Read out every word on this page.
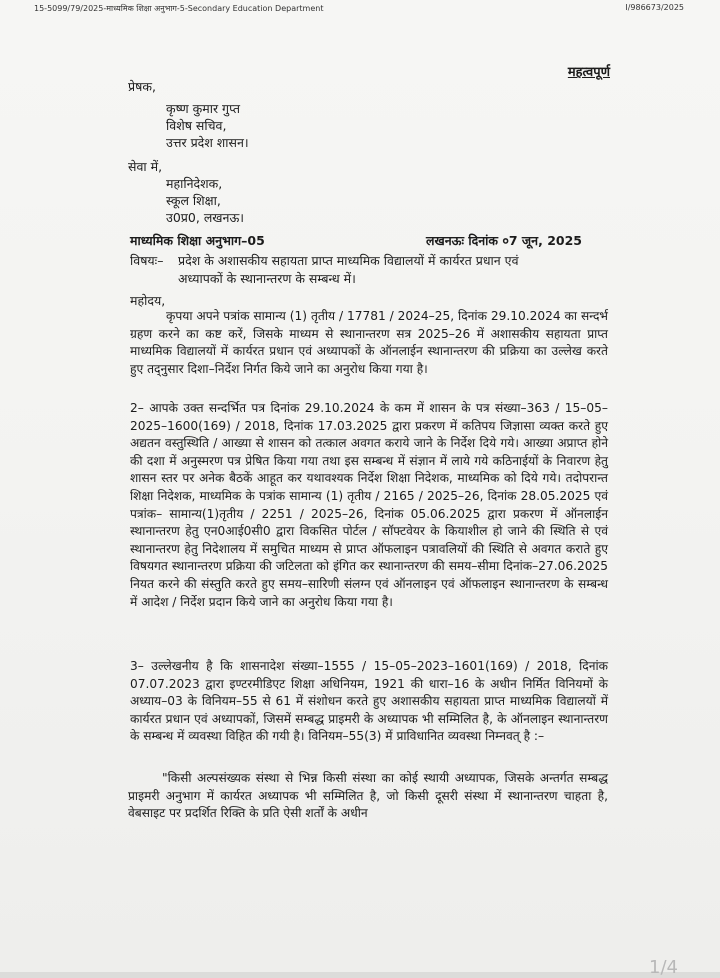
15-5099/79/2025-माध्यमिक शिक्षा अनुभाग-5-Secondary Education Department	I/986673/2025
महत्वपूर्ण
प्रेषक,
कृष्ण कुमार गुप्त
विशेष सचिव,
उत्तर प्रदेश शासन।
सेवा में,
महानिदेशक,
स्कूल शिक्षा,
उ0प्र0, लखनऊ।
माध्यमिक शिक्षा अनुभाग–05	लखनऊः दिनांक ०7 जून, 2025
विषयः– प्रदेश के अशासकीय सहायता प्राप्त माध्यमिक विद्यालयों में कार्यरत प्रधान एवं
अध्यापकों के स्थानान्तरण के सम्बन्ध में।
महोदय,
कृपया अपने पत्रांक सामान्य (1) तृतीय / 17781 / 2024–25, दिनांक 29.10.2024 का सन्दर्भ ग्रहण करने का कष्ट करें, जिसके माध्यम से स्थानान्तरण सत्र 2025–26 में अशासकीय सहायता प्राप्त माध्यमिक विद्यालयों में कार्यरत प्रधान एवं अध्यापकों के ऑनलाईन स्थानान्तरण की प्रक्रिया का उल्लेख करते हुए तद्नुसार दिशा–निर्देश निर्गत किये जाने का अनुरोध किया गया है।
2– आपके उक्त सन्दर्भित पत्र दिनांक 29.10.2024 के कम में शासन के पत्र संख्या–363 / 15–05–2025–1600(169) / 2018, दिनांक 17.03.2025 द्वारा प्रकरण में कतिपय जिज्ञासा व्यक्त करते हुए अद्यतन वस्तुस्थिति / आख्या से शासन को तत्काल अवगत कराये जाने के निर्देश दिये गये। आख्या अप्राप्त होने की दशा में अनुस्मरण पत्र प्रेषित किया गया तथा इस सम्बन्ध में संज्ञान में लाये गये कठिनाईयों के निवारण हेतु शासन स्तर पर अनेक बैठकें आहूत कर यथावश्यक निर्देश शिक्षा निदेशक, माध्यमिक को दिये गये। तदोपरान्त शिक्षा निदेशक, माध्यमिक के पत्रांक सामान्य (1) तृतीय / 2165 / 2025–26, दिनांक 28.05.2025 एवं पत्रांक– सामान्य(1)तृतीय / 2251 / 2025–26, दिनांक 05.06.2025 द्वारा प्रकरण में ऑनलाईन स्थानान्तरण हेतु एन0आई0सी0 द्वारा विकसित पोर्टल / सॉफ्टवेयर के कियाशील हो जाने की स्थिति से एवं स्थानान्तरण हेतु निदेशालय में समुचित माध्यम से प्राप्त ऑफलाइन पत्रावलियों की स्थिति से अवगत कराते हुए विषयगत स्थानान्तरण प्रक्रिया की जटिलता को इंगित कर स्थानान्तरण की समय–सीमा दिनांक–27.06.2025 नियत करने की संस्तुति करते हुए समय–सारिणी संलग्न एवं ऑनलाइन एवं ऑफलाइन स्थानान्तरण के सम्बन्ध में आदेश / निर्देश प्रदान किये जाने का अनुरोध किया गया है।
3– उल्लेखनीय है कि शासनादेश संख्या–1555 / 15–05–2023–1601(169) / 2018, दिनांक 07.07.2023 द्वारा इण्टरमीडिएट शिक्षा अधिनियम, 1921 की धारा–16 के अधीन निर्मित विनियमों के अध्याय–03 के विनियम–55 से 61 में संशोधन करते हुए अशासकीय सहायता प्राप्त माध्यमिक विद्यालयों में कार्यरत प्रधान एवं अध्यापकों, जिसमें सम्बद्ध प्राइमरी के अध्यापक भी सम्मिलित है, के ऑनलाइन स्थानान्तरण के सम्बन्ध में व्यवस्था विहित की गयी है। विनियम–55(3) में प्राविधानित व्यवस्था निम्नवत् है :–
"किसी अल्पसंख्यक संस्था से भिन्न किसी संस्था का कोई स्थायी अध्यापक, जिसके अन्तर्गत सम्बद्ध प्राइमरी अनुभाग में कार्यरत अध्यापक भी सम्मिलित है, जो किसी दूसरी संस्था में स्थानान्तरण चाहता है, वेबसाइट पर प्रदर्शित रिक्ति के प्रति ऐसी शर्तों के अधीन
1/4
